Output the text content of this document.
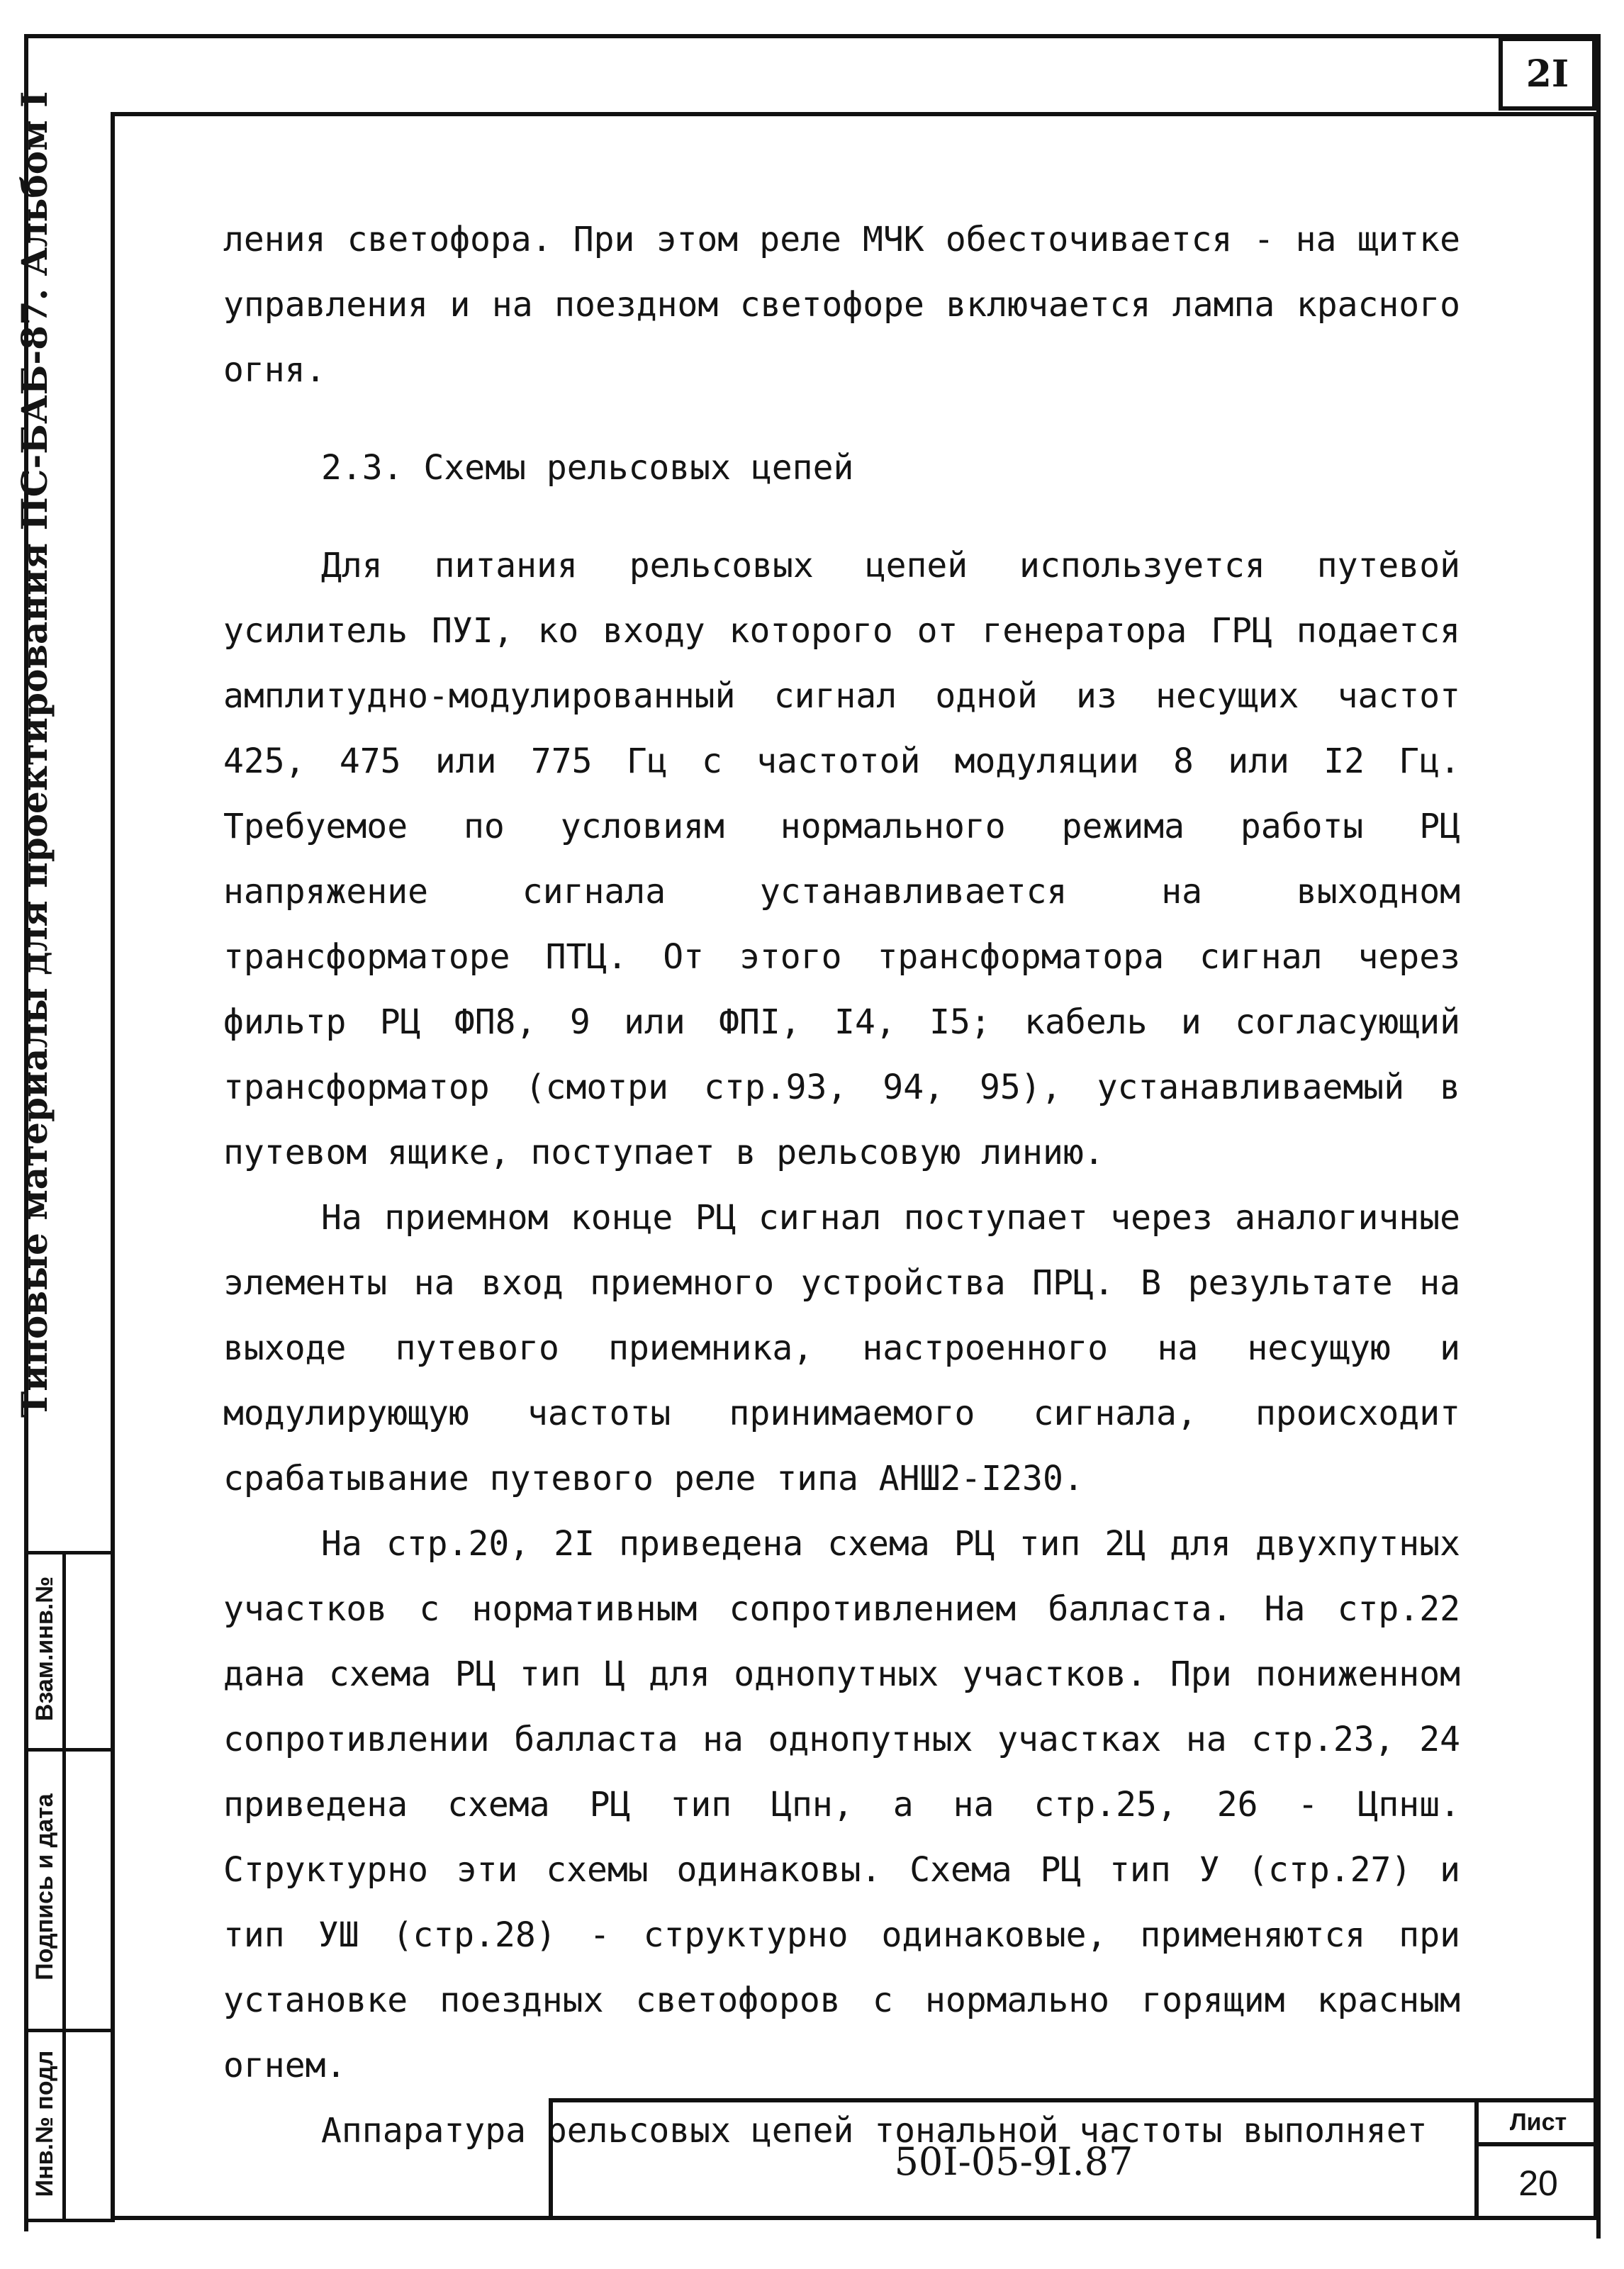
2I
Типовые материалы для проектирования ПС-БАБ-87. Альбом I
Взам.инв.№
Подпись и дата
Инв.№ подл

ления светофора. При этом реле МЧК обесточивается - на щитке управления и на поездном светофоре включается лампа красного огня.

2.3. Схемы рельсовых цепей

Для питания рельсовых цепей используется путевой усилитель ПУI, ко входу которого от генератора ГРЦ подается амплитудно-модулированный сигнал одной из несущих частот 425, 475 или 775 Гц с частотой модуляции 8 или I2 Гц. Требуемое по условиям нормального режима работы РЦ напряжение сигнала устанавливается на выходном трансформаторе ПТЦ. От этого трансформатора сигнал через фильтр РЦ ФП8, 9 или ФПI, I4, I5; кабель и согласующий трансформатор (смотри стр.93, 94, 95), устанавливаемый в путевом ящике, поступает в рельсовую линию.

На приемном конце РЦ сигнал поступает через аналогичные элементы на вход приемного устройства ПРЦ. В результате на выходе путевого приемника, настроенного на несущую и модулирующую частоты принимаемого сигнала, происходит срабатывание путевого реле типа АНШ2-I230.

На стр.20, 2I приведена схема РЦ тип 2Ц для двухпутных участков с нормативным сопротивлением балласта. На стр.22 дана схема РЦ тип Ц для однопутных участков. При пониженном сопротивлении балласта на однопутных участках на стр.23, 24 приведена схема РЦ тип Цпн, а на стр.25, 26 - Цпнш. Структурно эти схемы одинаковы. Схема РЦ тип У (стр.27) и тип УШ (стр.28) - структурно одинаковые, применяются при установке поездных светофоров с нормально горящим красным огнем.

Аппаратура рельсовых цепей тональной частоты выполняет

50I-05-9I.87
Лист
20
